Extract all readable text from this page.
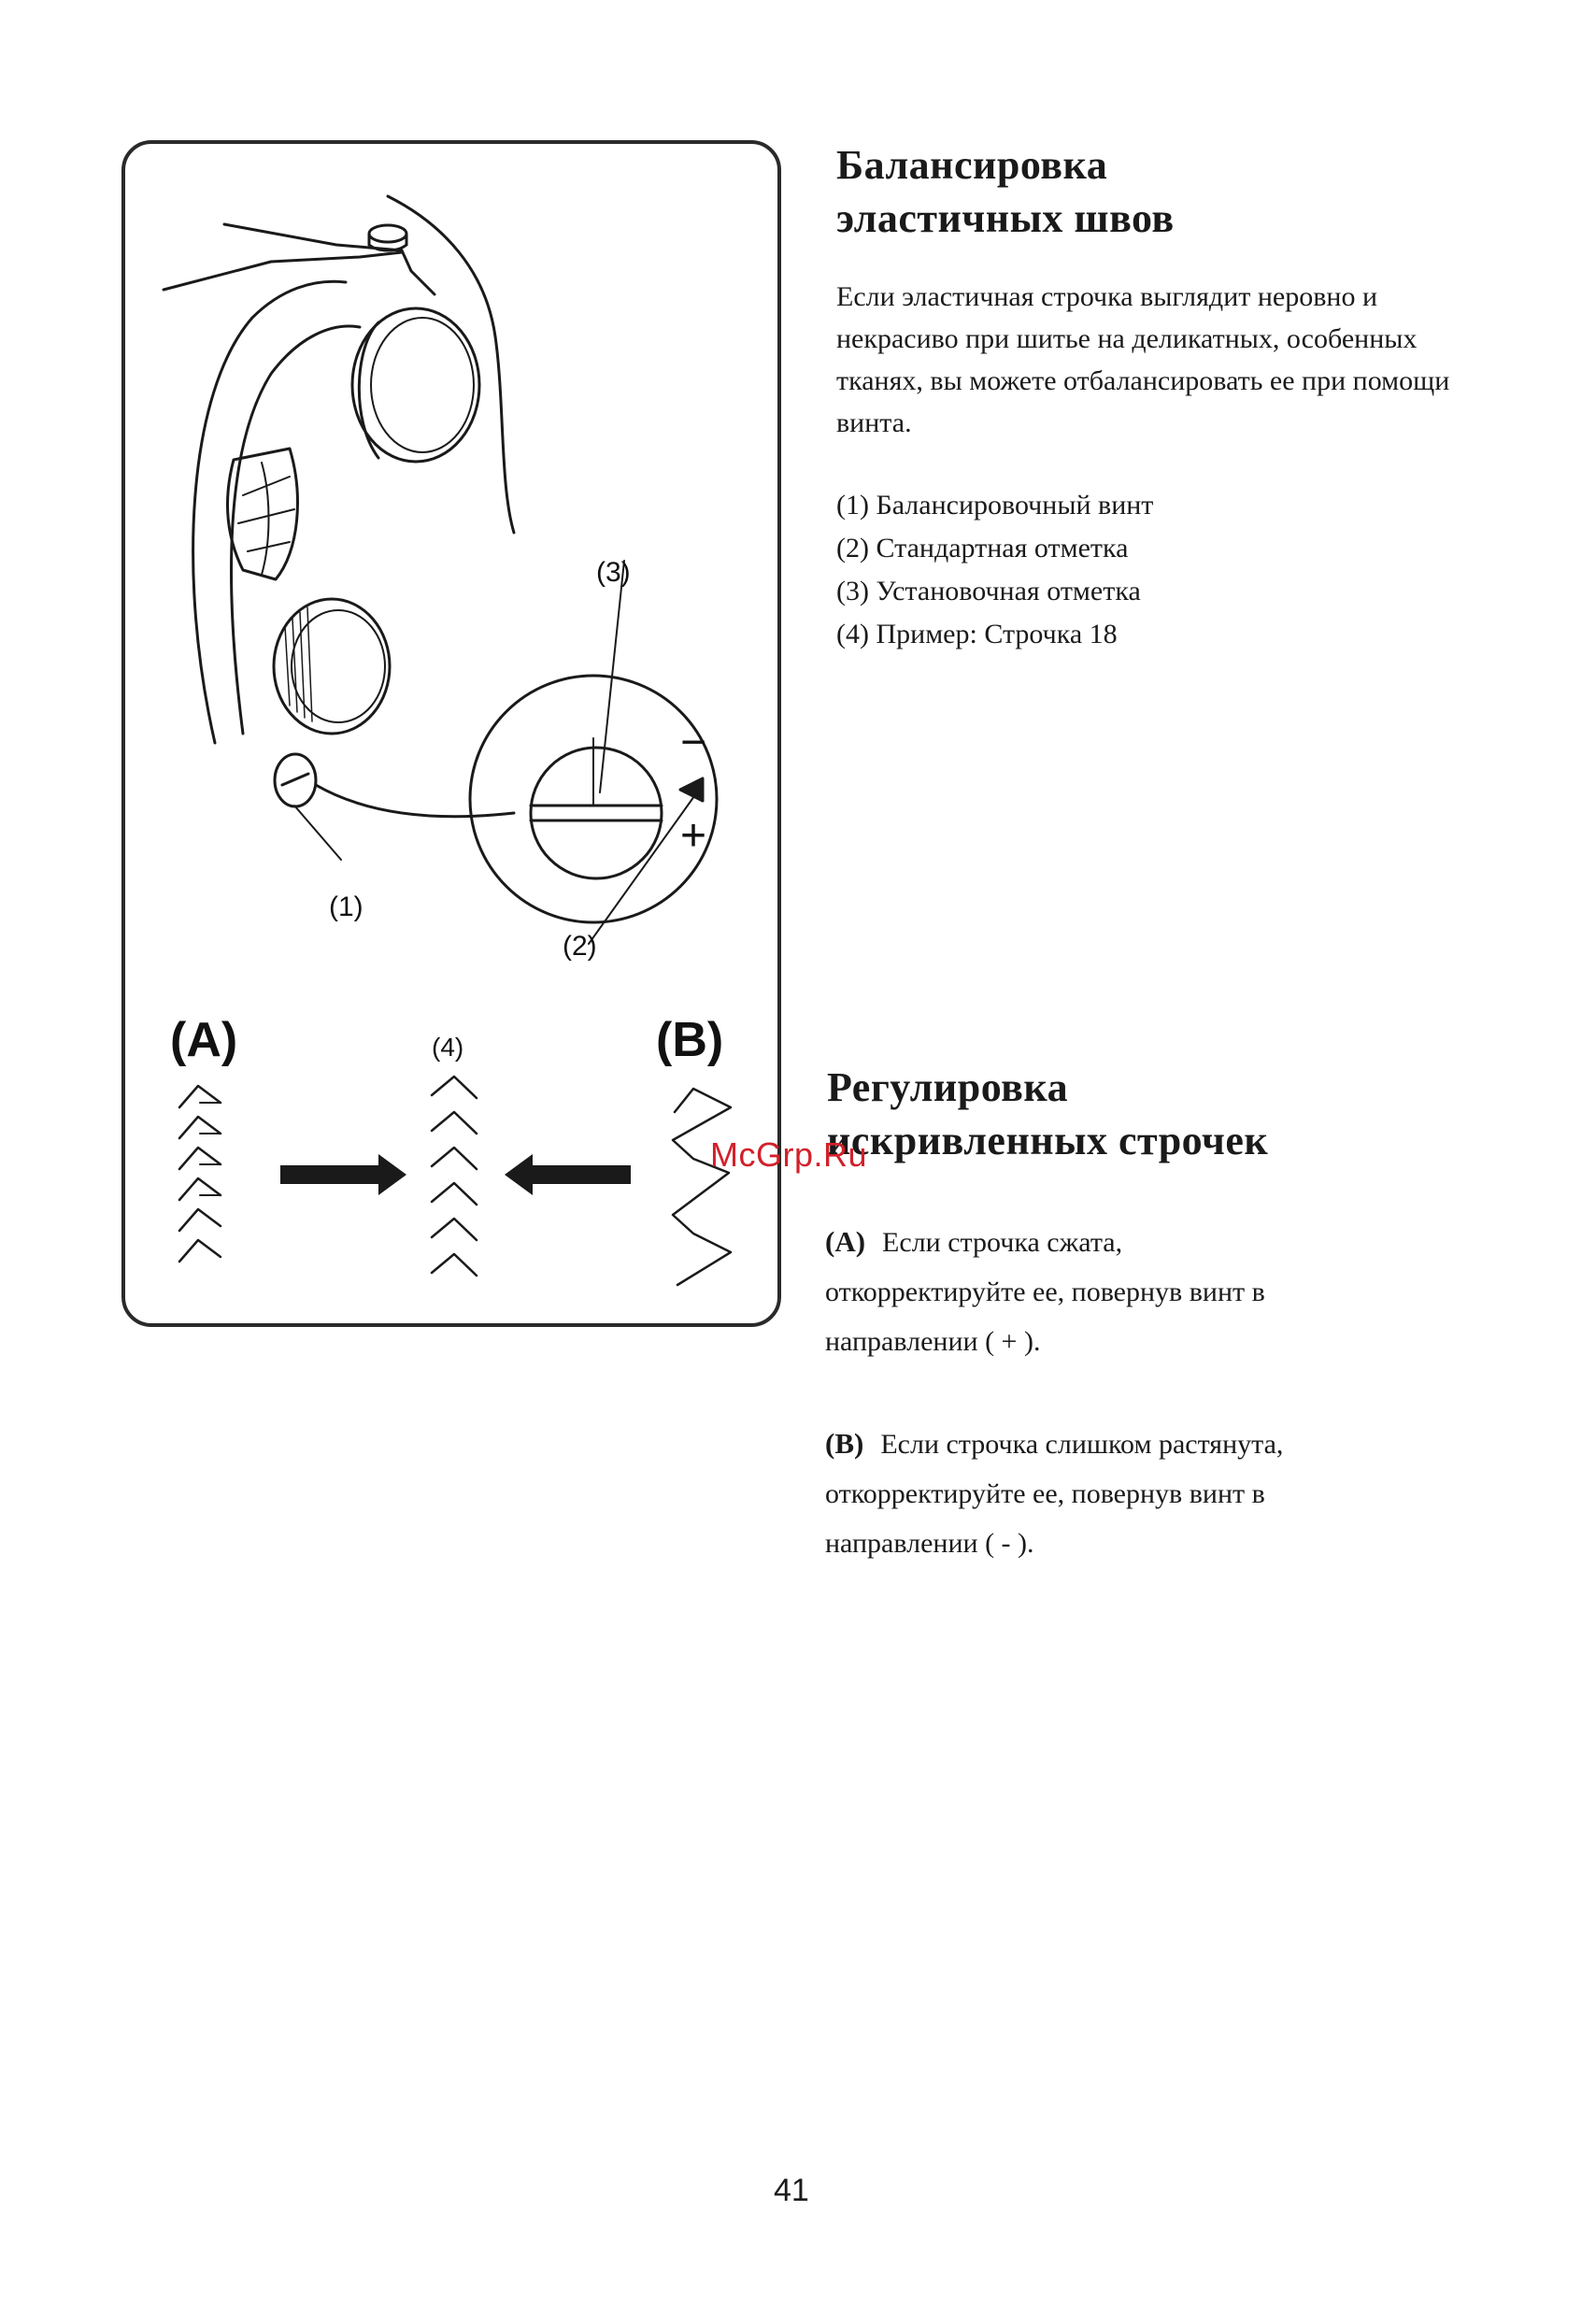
(3)
−
+
(1)
(2)
(A)	(4)	(B)
Балансировка
эластичных швов
Если эластичная строчка выглядит неровно и некрасиво при шитье на деликатных, особенных тканях, вы можете отбалансировать ее при помощи винта.
(1) Балансировочный винт
(2) Стандартная отметка
(3) Установочная отметка
(4) Пример: Строчка 18
Регулировка
искривленных строчек
McGrp.Ru
(A) Если строчка сжата,
откорректируйте ее, повернув винт в
направлении ( + ).
(B) Если строчка слишком растянута,
откорректируйте ее, повернув винт в
направлении ( - ).
41
